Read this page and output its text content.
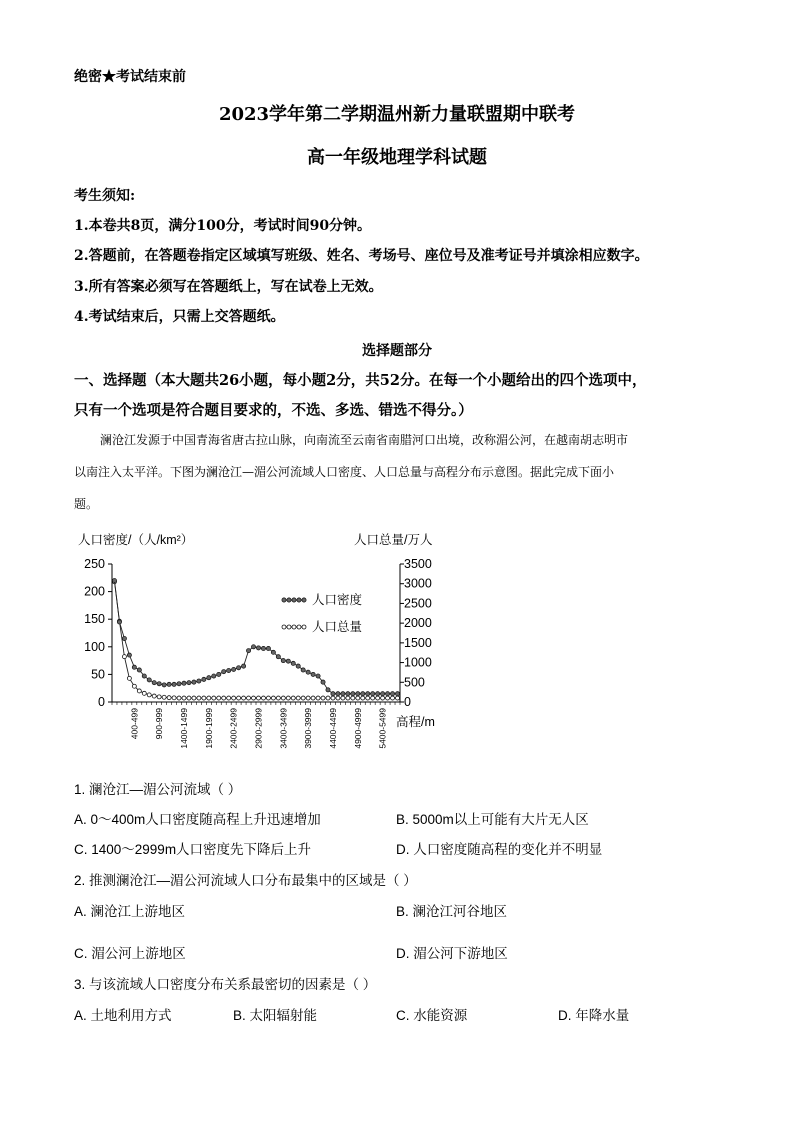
绝密★考试结束前
2023学年第二学期温州新力量联盟期中联考
高一年级地理学科试题
考生须知:
1.本卷共8页，满分100分，考试时间90分钟。
2.答题前，在答题卷指定区域填写班级、姓名、考场号、座位号及准考证号并填涂相应数字。
3.所有答案必须写在答题纸上，写在试卷上无效。
4.考试结束后，只需上交答题纸。
选择题部分
一、选择题（本大题共26小题，每小题2分，共52分。在每一个小题给出的四个选项中，
只有一个选项是符合题目要求的，不选、多选、错选不得分。）
澜沧江发源于中国青海省唐古拉山脉，向南流至云南省南腊河口出境，改称湄公河，在越南胡志明市
以南注入太平洋。下图为澜沧江—湄公河流域人口密度、人口总量与高程分布示意图。据此完成下面小
题。
人口密度/（人/km²）	人口总量/万人
高程/m
0
50
100
150
200
250
0
500
1000
1500
2000
2500
3000
3500
400-499 900-999 1400-1499 1900-1999 2400-2499 2900-2999 3400-3499 3900-3999 4400-4499 4900-4999 5400-5499
人口密度
人口总量
1. 澜沧江—湄公河流域（ ）
A. 0～400m人口密度随高程上升迅速增加	B. 5000m以上可能有大片无人区
C. 1400～2999m人口密度先下降后上升	D. 人口密度随高程的变化并不明显
2. 推测澜沧江—湄公河流域人口分布最集中的区域是（ ）
A. 澜沧江上游地区	B. 澜沧江河谷地区
C. 湄公河上游地区	D. 湄公河下游地区
3. 与该流域人口密度分布关系最密切的因素是（ ）
A. 土地利用方式	B. 太阳辐射能	C. 水能资源	D. 年降水量
